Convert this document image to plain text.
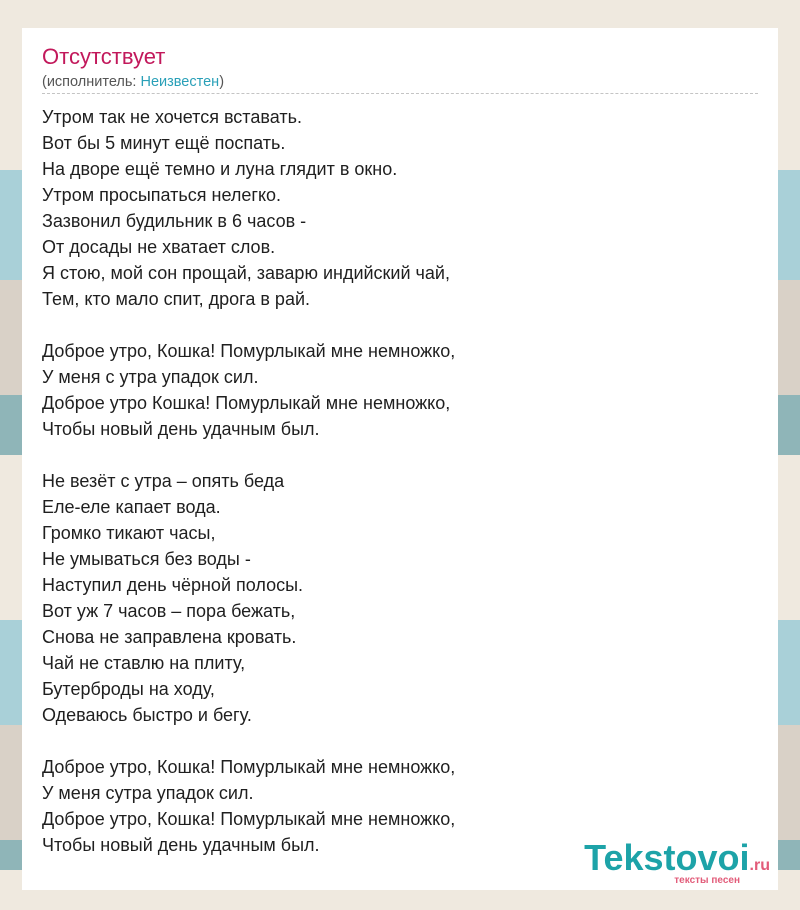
Отсутствует
(исполнитель: Неизвестен)
Утром так не хочется вставать.
Вот бы 5 минут ещё поспать.
На дворе ещё темно и луна глядит в окно.
Утром просыпаться нелегко.
Зазвонил будильник в 6 часов -
От досады не хватает слов.
Я стою, мой сон прощай, заварю индийский чай,
Тем, кто мало спит, дрога в рай.
Доброе утро, Кошка! Помурлыкай мне немножко,
У меня с утра упадок сил.
Доброе утро Кошка! Помурлыкай мне немножко,
Чтобы новый день удачным был.
Не везёт с утра – опять беда
Еле-еле капает вода.
Громко тикают часы,
Не умываться без воды -
Наступил день чёрной полосы.
Вот уж 7 часов – пора бежать,
Снова не заправлена кровать.
Чай не ставлю на плиту,
Бутерброды на ходу,
Одеваюсь быстро и бегу.
Доброе утро, Кошка! Помурлыкай мне немножко,
У меня сутра упадок сил.
Доброе утро, Кошка! Помурлыкай мне немножко,
Чтобы новый день удачным был.	Tekstovoi.ru
тексты песен
